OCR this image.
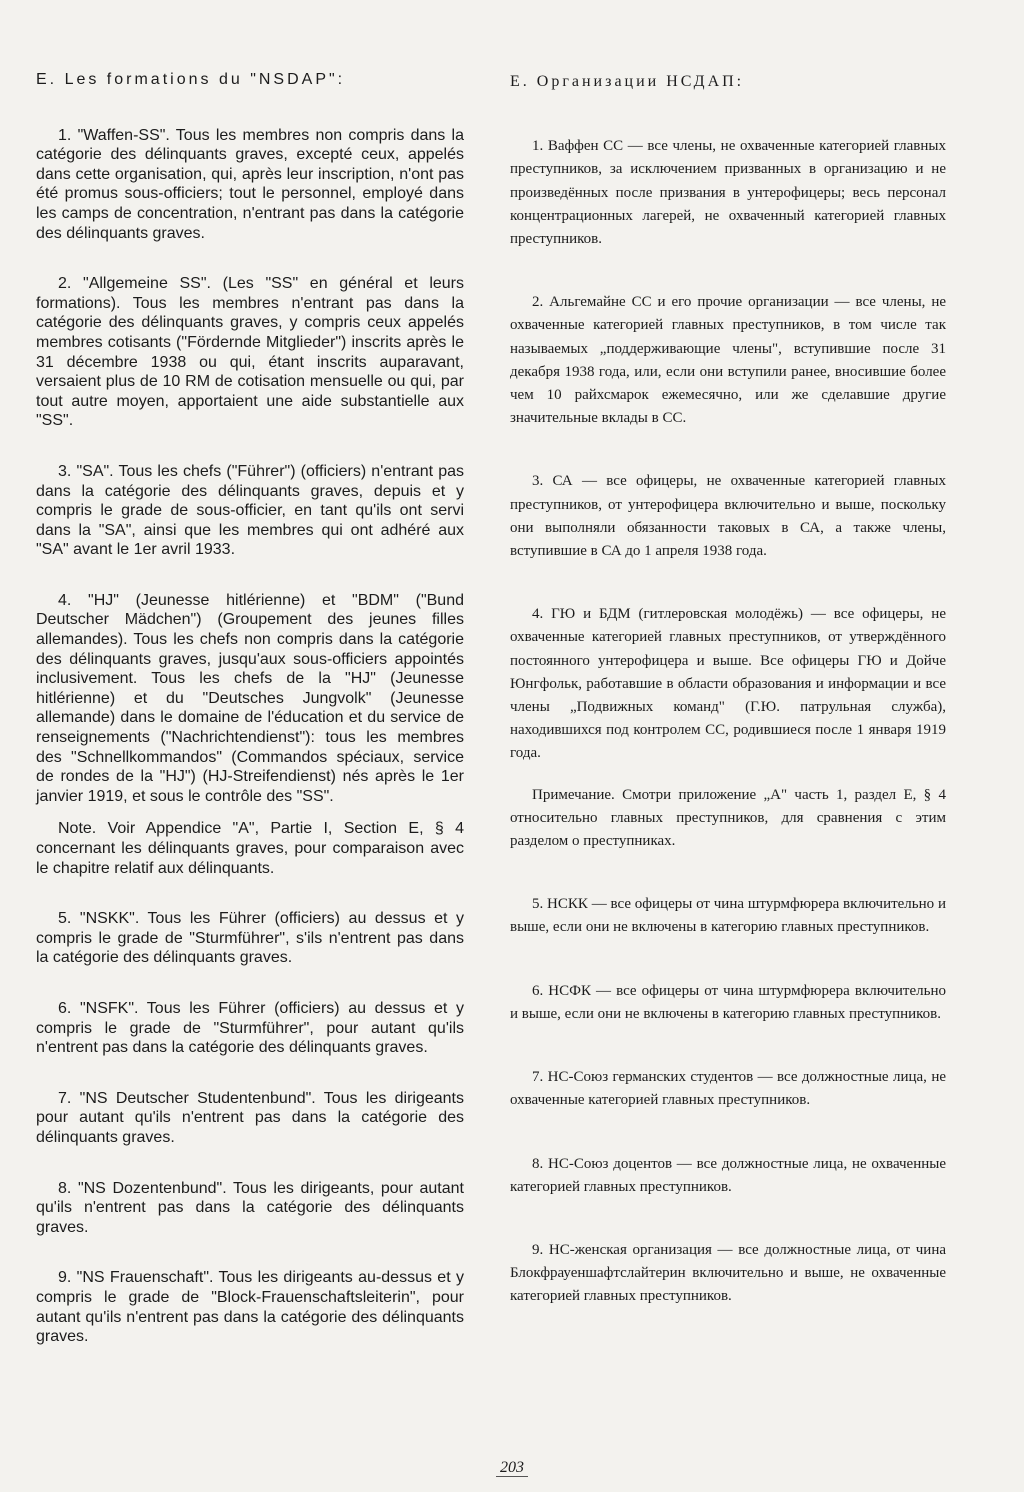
E. Les formations du "NSDAP":

1. "Waffen-SS". Tous les membres non compris dans la catégorie des délinquants graves, excepté ceux, appelés dans cette organisation, qui, après leur inscription, n'ont pas été promus sous-officiers; tout le personnel, employé dans les camps de concentration, n'entrant pas dans la catégorie des délinquants graves.

2. "Allgemeine SS". (Les "SS" en général et leurs formations). Tous les membres n'entrant pas dans la catégorie des délinquants graves, y compris ceux appelés membres cotisants ("Fördernde Mitglieder") inscrits après le 31 décembre 1938 ou qui, étant inscrits auparavant, versaient plus de 10 RM de cotisation mensuelle ou qui, par tout autre moyen, apportaient une aide substantielle aux "SS".

3. "SA". Tous les chefs ("Führer") (officiers) n'entrant pas dans la catégorie des délinquants graves, depuis et y compris le grade de sous-officier, en tant qu'ils ont servi dans la "SA", ainsi que les membres qui ont adhéré aux "SA" avant le 1er avril 1933.

4. "HJ" (Jeunesse hitlérienne) et "BDM" ("Bund Deutscher Mädchen") (Groupement des jeunes filles allemandes). Tous les chefs non compris dans la catégorie des délinquants graves, jusqu'aux sous-officiers appointés inclusivement. Tous les chefs de la "HJ" (Jeunesse hitlérienne) et du "Deutsches Jungvolk" (Jeunesse allemande) dans le domaine de l'éducation et du service de renseignements ("Nachrichtendienst"): tous les membres des "Schnellkommandos" (Commandos spéciaux, service de rondes de la "HJ") (HJ-Streifendienst) nés après le 1er janvier 1919, et sous le contrôle des "SS".

Note. Voir Appendice "A", Partie I, Section E, § 4 concernant les délinquants graves, pour comparaison avec le chapitre relatif aux délinquants.

5. "NSKK". Tous les Führer (officiers) au dessus et y compris le grade de "Sturmführer", s'ils n'entrent pas dans la catégorie des délinquants graves.

6. "NSFK". Tous les Führer (officiers) au dessus et y compris le grade de "Sturmführer", pour autant qu'ils n'entrent pas dans la catégorie des délinquants graves.

7. "NS Deutscher Studentenbund". Tous les dirigeants pour autant qu'ils n'entrent pas dans la catégorie des délinquants graves.

8. "NS Dozentenbund". Tous les dirigeants, pour autant qu'ils n'entrent pas dans la catégorie des délinquants graves.

9. "NS Frauenschaft". Tous les dirigeants au-dessus et y compris le grade de "Block-Frauenschaftsleiterin", pour autant qu'ils n'entrent pas dans la catégorie des délinquants graves.

Е. Организации НСДАП:

1. Ваффен СС — все члены, не охваченные категорией главных преступников, за исключением призванных в организацию и не произведённых после призвания в унтерофицеры; весь персонал концентрационных лагерей, не охваченный категорией главных преступников.

2. Альгемайне СС и его прочие организации — все члены, не охваченные категорией главных преступников, в том числе так называемых „поддерживающие члены", вступившие после 31 декабря 1938 года, или, если они вступили ранее, вносившие более чем 10 райхсмарок ежемесячно, или же сделавшие другие значительные вклады в СС.

3. СА — все офицеры, не охваченные категорией главных преступников, от унтерофицера включительно и выше, поскольку они выполняли обязанности таковых в СА, а также члены, вступившие в СА до 1 апреля 1938 года.

4. ГЮ и БДМ (гитлеровская молодёжь) — все офицеры, не охваченные категорией главных преступников, от утверждённого постоянного унтерофицера и выше. Все офицеры ГЮ и Дойче Юнгфольк, работавшие в области образования и информации и все члены „Подвижных команд" (Г.Ю. патрульная служба), находившихся под контролем СС, родившиеся после 1 января 1919 года.

Примечание. Смотри приложение „А" часть 1, раздел Е, § 4 относительно главных преступников, для сравнения с этим разделом о преступниках.

5. НСКК — все офицеры от чина штурмфюрера включительно и выше, если они не включены в категорию главных преступников.

6. НСФК — все офицеры от чина штурмфюрера включительно и выше, если они не включены в категорию главных преступников.

7. НС-Союз германских студентов — все должностные лица, не охваченные категорией главных преступников.

8. НС-Союз доцентов — все должностные лица, не охваченные категорией главных преступников.

9. НС-женская организация — все должностные лица, от чина Блокфрауеншафтслайтерин включительно и выше, не охваченные категорией главных преступников.

203
